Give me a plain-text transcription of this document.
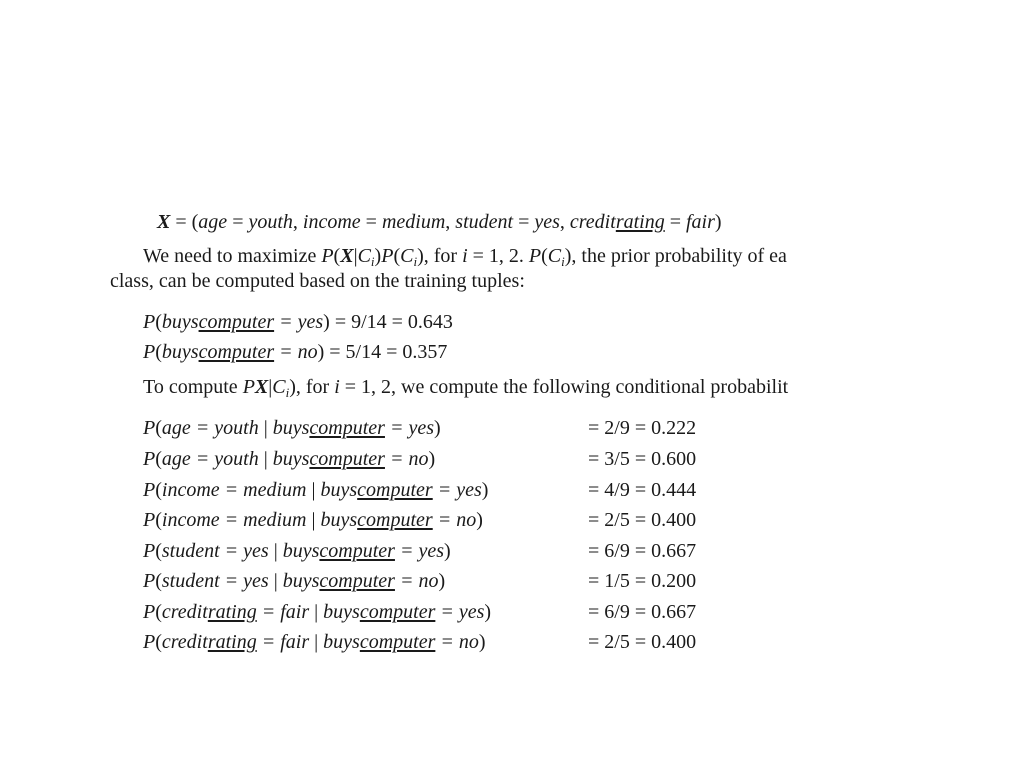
X = (age = youth, income = medium, student = yes, creditrating = fair)
We need to maximize $P(X|C_i)P(C_i)$, for i = 1, 2. $P(C_i)$, the prior probability of ea
class, can be computed based on the training tuples:
P(buyscomputer = yes) = 9/14 = 0.643
P(buyscomputer = no) = 5/14 = 0.357
To compute $PX|C_i$), for i = 1, 2, we compute the following conditional probabilit
P(age = youth | buyscomputer = yes)	= 2/9 = 0.222
P(age = youth | buyscomputer = no)	= 3/5 = 0.600
P(income = medium | buyscomputer = yes)	= 4/9 = 0.444
P(income = medium | buyscomputer = no)	= 2/5 = 0.400
P(student = yes | buyscomputer = yes)	= 6/9 = 0.667
P(student = yes | buyscomputer = no)	= 1/5 = 0.200
P(creditrating = fair | buyscomputer = yes)	= 6/9 = 0.667
P(creditrating = fair | buyscomputer = no)	= 2/5 = 0.400
